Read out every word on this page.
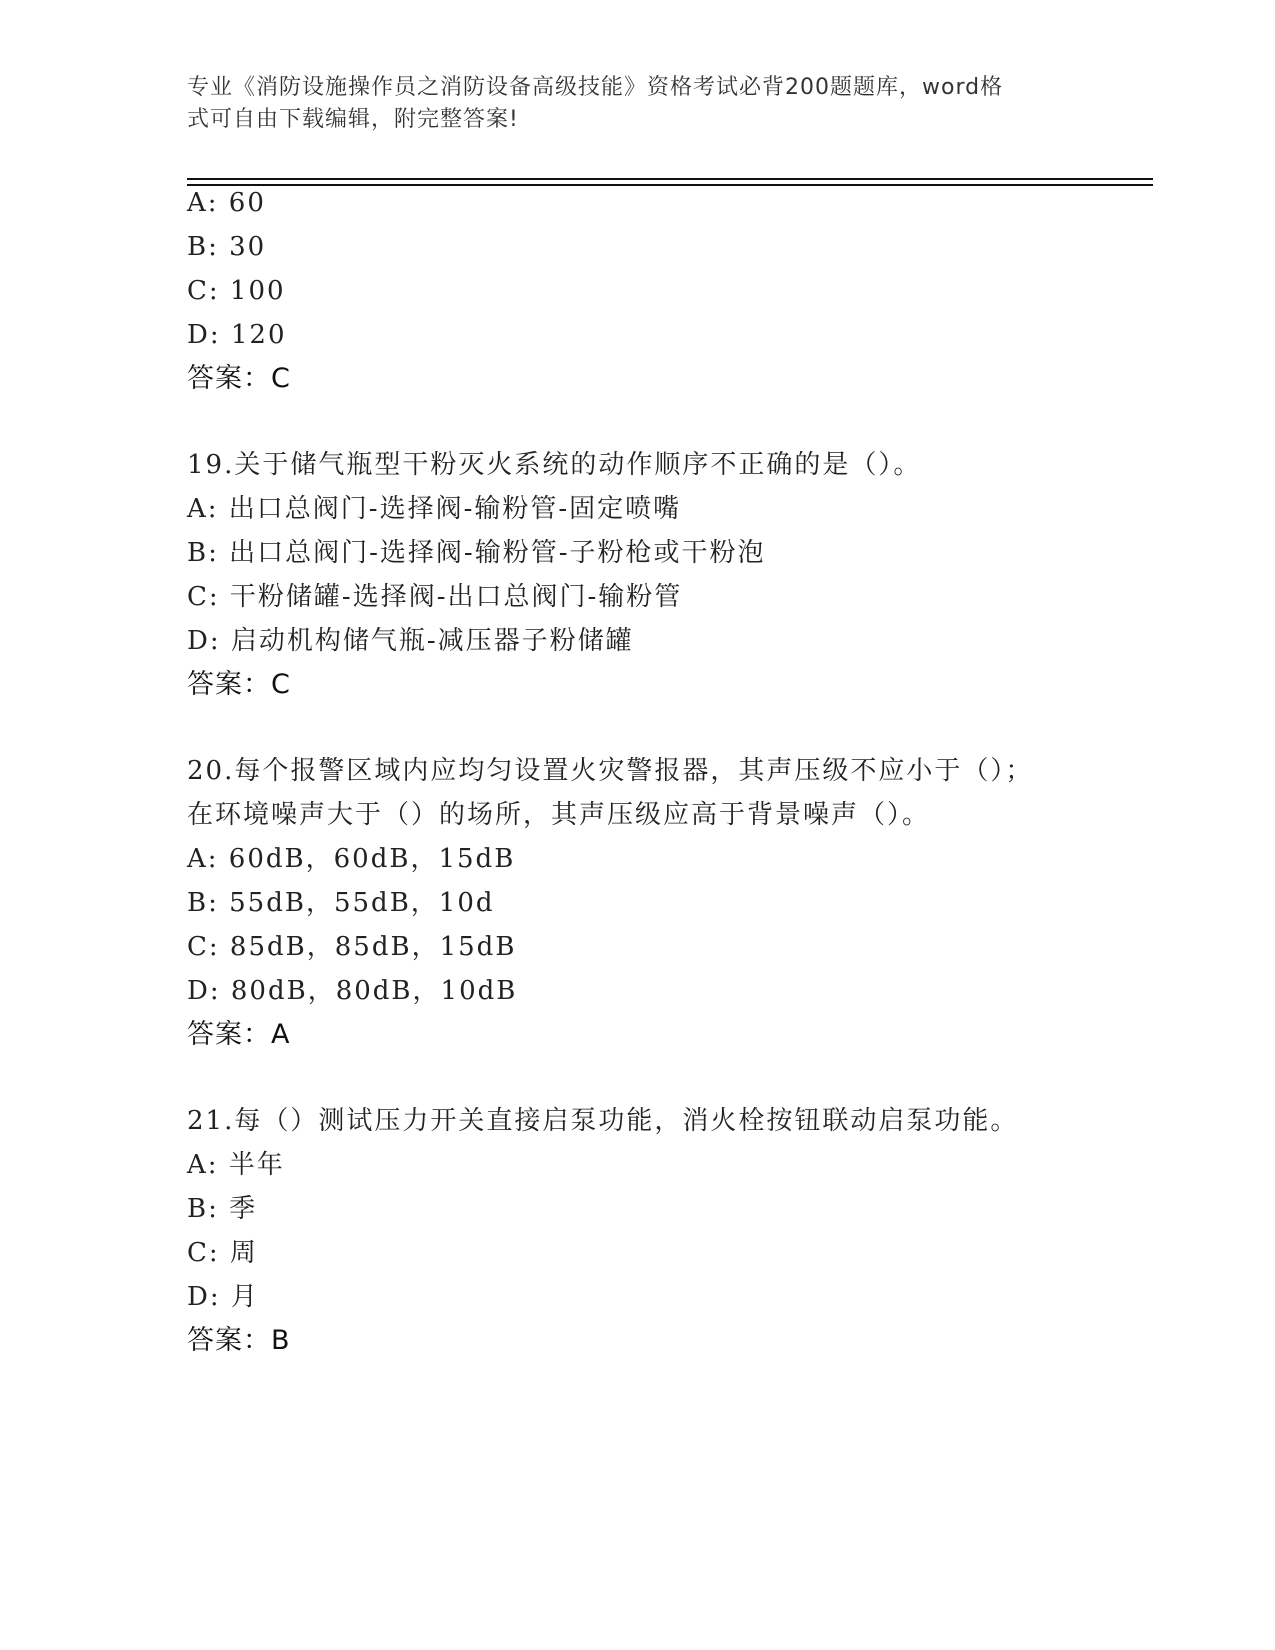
专业《消防设施操作员之消防设备高级技能》资格考试必背200题题库，word格
式可自由下载编辑，附完整答案!
A: 60
B: 30
C: 100
D: 120
答案：C
19.关于储气瓶型干粉灭火系统的动作顺序不正确的是（）。
A: 出口总阀门-选择阀-输粉管-固定喷嘴
B: 出口总阀门-选择阀-输粉管-子粉枪或干粉泡
C: 干粉储罐-选择阀-出口总阀门-输粉管
D: 启动机构储气瓶-减压器子粉储罐
答案：C
20.每个报警区域内应均匀设置火灾警报器，其声压级不应小于（）；
在环境噪声大于（）的场所，其声压级应高于背景噪声（）。
A: 60dB，60dB，15dB
B: 55dB，55dB，10d
C: 85dB，85dB，15dB
D: 80dB，80dB，10dB
答案：A
21.每（）测试压力开关直接启泵功能，消火栓按钮联动启泵功能。
A: 半年
B: 季
C: 周
D: 月
答案：B
